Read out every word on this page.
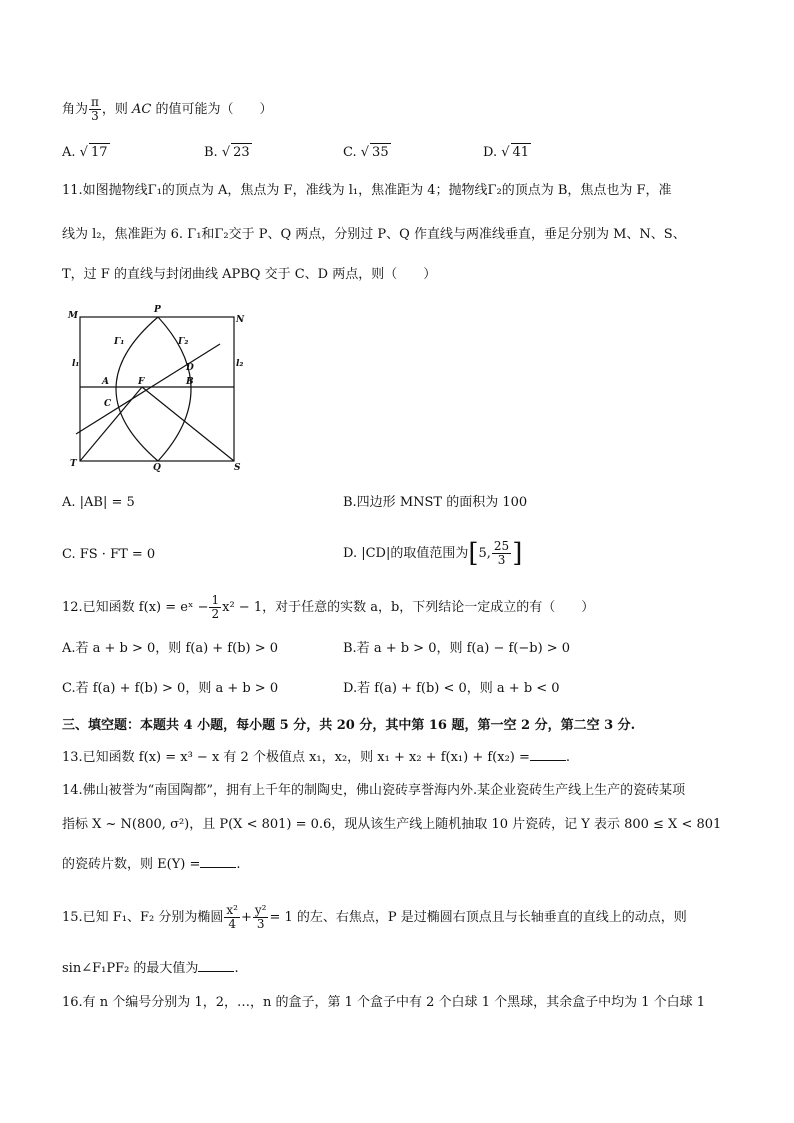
角为 $\frac{\pi}{3}$ ，则 AC 的值可能为（　　）
A. √ 17	B. √ 23	C. √ 35	D. √ 41
11.如图抛物线Γ₁的顶点为 A，焦点为 F，准线为 l₁，焦准距为 4；抛物线Γ₂的顶点为 B，焦点也为 F，准
线为 l₂，焦准距为 6. Γ₁和Γ₂交于 P、Q 两点，分别过 P、Q 作直线与两准线垂直，垂足分别为 M、N、S、
T，过 F 的直线与封闭曲线 APBQ 交于 C、D 两点，则（　　）
M	N
P
Q	S
T
A	B
C
D
F
l₁	l₂
Γ₁	Γ₂
A. |AB| = 5	B.四边形 MNST 的面积为 100
C. FS · FT = 0	D. |CD|的取值范围为[5, $\frac{25}{3}$ ]
12.已知函数 f(x) = eˣ − $\frac{1}{2} x^2 - 1$，对于任意的实数 a，b，下列结论一定成立的有（　　）
A.若 a + b > 0，则 f(a) + f(b) > 0	B.若 a + b > 0，则 f(a) − f(−b) > 0
C.若 f(a) + f(b) > 0，则 a + b > 0	D.若 f(a) + f(b) < 0，则 a + b < 0
三、填空题：本题共 4 小题，每小题 5 分，共 20 分，其中第 16 题，第一空 2 分，第二空 3 分.
13.已知函数 f(x) = x³ − x 有 2 个极值点 x₁，x₂，则 x₁ + x₂ + f(x₁) + f(x₂) =	.
14.佛山被誉为“南国陶都”，拥有上千年的制陶史，佛山瓷砖享誉海内外.某企业瓷砖生产线上生产的瓷砖某项
指标 X ~ N(800, σ²)，且 P(X < 801) = 0.6，现从该生产线上随机抽取 10 片瓷砖，记 Y 表示 800 ≤ X < 801
的瓷砖片数，则 E(Y) =	.
15.已知 F₁、F₂ 分别为椭圆 $\frac{\text{x²}}{4} + \frac{\text{y²}}{3} = 1$ 的左、右焦点，P 是过椭圆右顶点且与长轴垂直的直线上的动点，则
sin∠F₁PF₂ 的最大值为	.
16.有 n 个编号分别为 1，2，…，n 的盒子，第 1 个盒子中有 2 个白球 1 个黑球，其余盒子中均为 1 个白球 1
